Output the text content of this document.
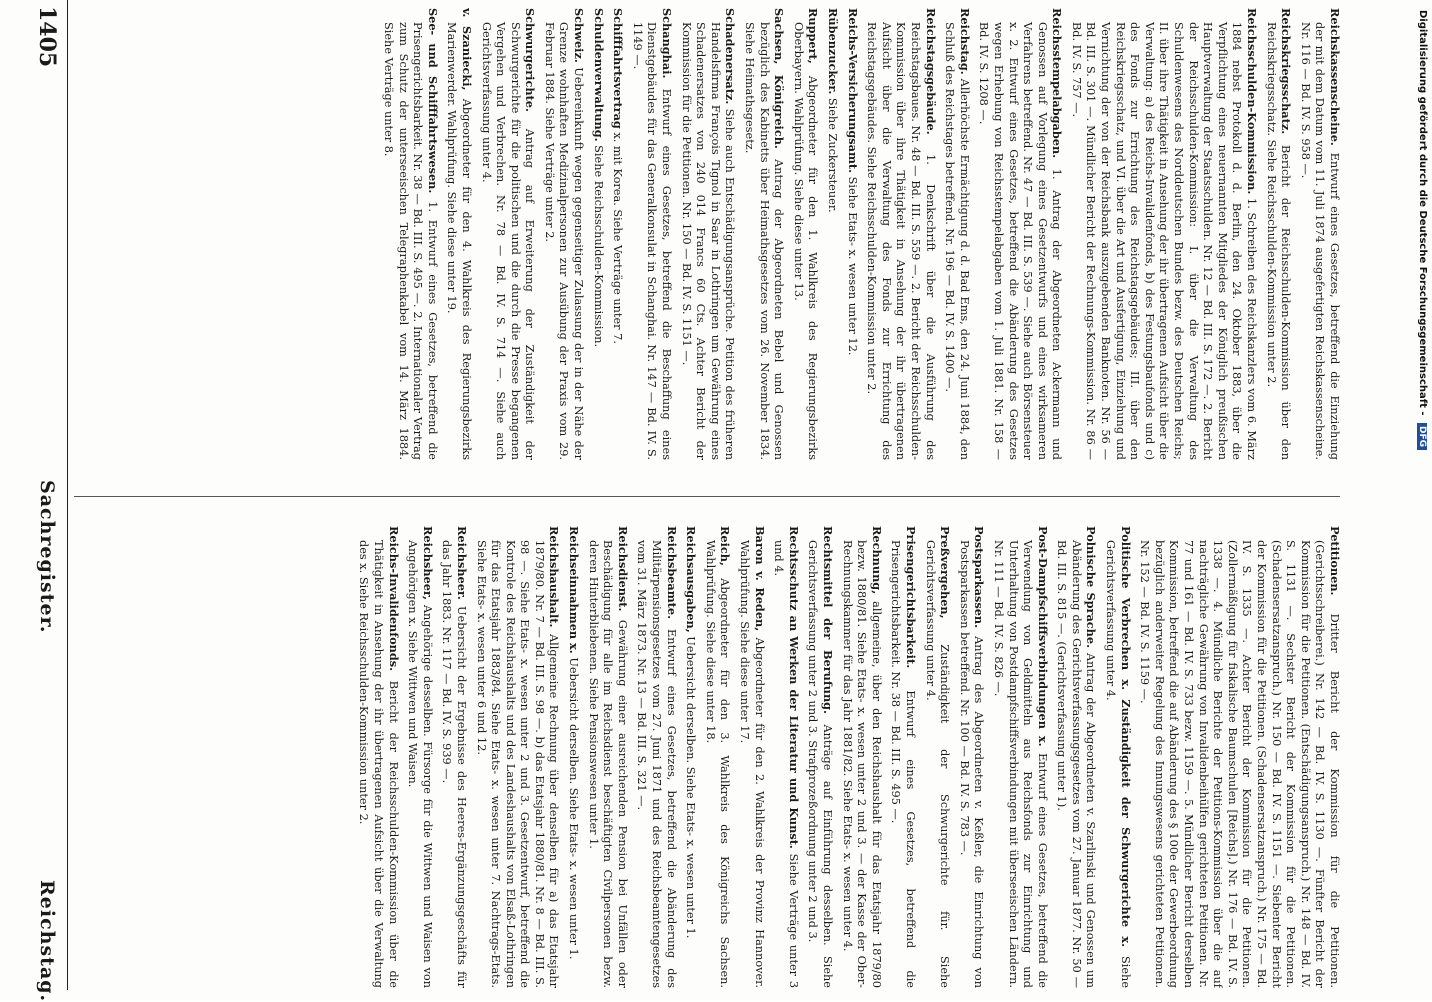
1405
Sachregister.
Reichstag.

Reichskassenscheine. Entwurf eines Gesetzes, betreffend die Einziehung der mit dem Datum vom 11. Juli 1874 ausgefertigten Reichskassenscheine. Nr. 116 — Bd. IV. S. 958 —.

Reichskriegsschatz. Bericht der Reichsschulden-Kommission über den Reichskriegsschatz. Siehe Reichsschulden-Kommission unter 2.

Reichsschulden-Kommission. 1. Schreiben des Reichskanzlers vom 6. März 1884 nebst Protokoll d. d. Berlin, den 24. Oktober 1883, über die Verpflichtung eines neuernannten Mitgliedes der Königlich preußischen Hauptverwaltung der Staatsschulden. Nr. 12 — Bd. III. S. 172 —. 2. Bericht der Reichsschulden-Kommission: I. über die Verwaltung des Schuldenwesens des Norddeutschen Bundes bezw. des Deutschen Reichs; II. über ihre Thätigkeit in Ansehung der ihr übertragenen Aufsicht über die Verwaltung: a) des Reichs-Invalidenfonds, b) des Festungsbaufonds und c) des Fonds zur Errichtung des Reichstagsgebäudes; III. über den Reichskriegsschatz, und VI. über die Art und Ausfertigung, Einziehung und Vernichtung der von der Reichsbank auszugebenden Banknoten. Nr. 56 — Bd. III. S. 301 —. Mündlicher Bericht der Rechnungs-Kommission. Nr. 86 — Bd. IV. S. 757 —.

Reichsstempelabgaben. 1. Antrag der Abgeordneten Ackermann und Genossen auf Vorlegung eines Gesetzentwurfs und eines wirksameren Verfahrens betreffend. Nr. 47 — Bd. III. S. 539 —. Siehe auch Börsensteuer x. 2. Entwurf eines Gesetzes, betreffend die Abänderung des Gesetzes wegen Erhebung von Reichsstempelabgaben vom 1. Juli 1881. Nr. 158 — Bd. IV. S. 1208 —.

Reichstag. Allerhöchste Ermächtigung d. d. Bad Ems, den 24. Juni 1884, den Schluß des Reichstages betreffend. Nr. 196 — Bd. IV. S. 1400 —.

Reichstagsgebäude. 1. Denkschrift über die Ausführung des Reichstagsbaues. Nr. 48 — Bd. III. S. 559 —. 2. Bericht der Reichsschulden-Kommission über ihre Thätigkeit in Ansehung der ihr übertragenen Aufsicht über die Verwaltung des Fonds zur Errichtung des Reichstagsgebäudes. Siehe Reichsschulden-Kommission unter 2.

Reichs-Versicherungsamt. Siehe Etats- x. wesen unter 12.

Rübenzucker. Siehe Zuckersteuer.

Ruppert, Abgeordneter für den 1. Wahlkreis des Regierungsbezirks Oberbayern. Wahlprüfung. Siehe diese unter 13.

Sachsen, Königreich. Antrag der Abgeordneten Bebel und Genossen bezüglich des Kabinetts über Heimathsgesetzes vom 26. November 1834. Siehe Heimathsgesetz.

Schadenersatz. Siehe auch Entschädigungsansprüche. Petition des früheren Handelsfirma François Tignol in Saar in Lothringen um Gewährung eines Schadenersatzes von 240 014 Francs 60 Cts. Achter Bericht der Kommission für die Petitionen. Nr. 150 — Bd. IV. S. 1151 —.

Schanghai. Entwurf eines Gesetzes, betreffend die Beschaffung eines Dienstgebäudes für das Generalkonsulat in Schanghai. Nr. 147 — Bd. IV. S. 1149 —.

Schifffahrtsvertrag x. mit Korea. Siehe Verträge unter 7.

Schuldenverwaltung. Siehe Reichsschulden-Kommission.

Schweiz. Uebereinkunft wegen gegenseitiger Zulassung der in der Nähe der Grenze wohnhaften Medizinalpersonen zur Ausübung der Praxis vom 29. Februar 1884. Siehe Verträge unter 2.

Schwurgerichte. Antrag auf Erweiterung der Zuständigkeit der Schwurgerichte für die politischen und die durch die Presse begangenen Vergehen und Verbrechen. Nr. 78 — Bd. IV. S. 714 —. Siehe auch Gerichtsverfassung unter 4.

v. Szaniecki, Abgeordneter für den 4. Wahlkreis des Regierungsbezirks Marienwerder. Wahlprüfung. Siehe diese unter 19.

See- und Schifffahrtswesen. 1. Entwurf eines Gesetzes, betreffend die Prisengerichtsbarkeit. Nr. 38 — Bd. III. S. 495 —. 2. Internationaler Vertrag zum Schutz der unterseeischen Telegraphenkabel vom 14. März 1884. Siehe Verträge unter 8.

Petitionen. Dritter Bericht der Kommission für die Petitionen. (Gerichtsschreiberei.) Nr. 142 — Bd. IV. S. 1130 —. Fünfter Bericht der Kommission für die Petitionen. (Entschädigungsanspruch.) Nr. 148 — Bd. IV. S. 1131 —. Sechster Bericht der Kommission für die Petitionen. (Schadensersatzanspruch.) Nr. 150 — Bd. IV. S. 1151 —. Siebenter Bericht der Kommission für die Petitionen. (Schadensersatzanspruch.) Nr. 175 — Bd. IV. S. 1335 —. Achter Bericht der Kommission für die Petitionen. (Zollermäßigung für fiskalische Baumschulen [Reichs].) Nr. 176 — Bd. IV. S. 1338 —. 4. Mündliche Berichte der Petitions-Kommission über die auf nachträgliche Gewährung von Invalidenbeihülfen gerichteten Petitionen. Nr. 77 und 161 — Bd. IV. S. 733 bezw. 1159 —. 5. Mündlicher Bericht derselben Kommission, betreffend die auf Abänderung des § 100e der Gewerbeordnung bezüglich anderweiter Regelung des Innungswesens gerichteten Petitionen. Nr. 152 — Bd. IV. S. 1159 —.

Politische Verbrechen x. Zuständigkeit der Schwurgerichte x. Siehe Gerichtsverfassung unter 4.

Polnische Sprache. Antrag der Abgeordneten v. Szarlinski und Genossen um Abänderung des Gerichtsverfassungsgesetzes vom 27. Januar 1877. Nr. 50 — Bd. III. S. 815 —. (Gerichtsverfassung unter 1).

Post-Dampfschiffsverbindungen x. Entwurf eines Gesetzes, betreffend die Verwendung von Geldmitteln aus Reichsfonds zur Einrichtung und Unterhaltung von Postdampfschiffsverbindungen mit überseeischen Ländern. Nr. 111 — Bd. IV. S. 826 —.

Postsparkassen. Antrag des Abgeordneten v. Keßler, die Einrichtung von Postsparkassen betreffend. Nr. 100 — Bd. IV. S. 783 —.

Preßvergehen, Zuständigkeit der Schwurgerichte für. Siehe Gerichtsverfassung unter 4.

Prisengerichtsbarkeit. Entwurf eines Gesetzes, betreffend die Prisengerichtsbarkeit. Nr. 38 — Bd. III. S. 495 —.

Rechnung, allgemeine, über den Reichshaushalt für das Etatsjahr 1879/80 bezw. 1880/81. Siehe Etats- x. wesen unter 2 und 3. — der Kasse der Ober-Rechnungskammer für das Jahr 1881/82. Siehe Etats- x. wesen unter 4.

Rechtsmittel der Berufung. Anträge auf Einführung desselben. Siehe Gerichtsverfassung unter 2 und 3. Strafprozeßordnung unter 2 und 3.

Rechtsschutz an Werken der Literatur und Kunst. Siehe Verträge unter 3 und 4.

Baron v. Reden, Abgeordneter für den 2. Wahlkreis der Provinz Hannover. Wahlprüfung. Siehe diese unter 17.

Reich, Abgeordneter für den 3. Wahlkreis des Königreichs Sachsen. Wahlprüfung. Siehe diese unter 18.

Reichsausgaben, Uebersicht derselben. Siehe Etats- x. wesen unter 1.

Reichsbeamte. Entwurf eines Gesetzes, betreffend die Abänderung des Militärpensionsgesetzes vom 27. Juni 1871 und des Reichsbeamtengesetzes vom 31. März 1873. Nr. 13 — Bd. III. S. 321 —.

Reichsdienst. Gewährung einer ausreichenden Pension bei Unfällen oder Beschädigung für alle im Reichsdienst beschäftigten Civilpersonen bezw. deren Hinterbliebenen. Siehe Pensionswesen unter 1.

Reichseinnahmen x. Uebersicht derselben. Siehe Etats- x. wesen unter 1.

Reichshaushalt. Allgemeine Rechnung über denselben für a) das Etatsjahr 1879/80. Nr. 7 — Bd. III. S. 98 —. b) das Etatsjahr 1880/81. Nr. 8 — Bd. III. S. 98 —. Siehe Etats- x. wesen unter 2 und 3. Gesetzentwurf, betreffend die Kontrole des Reichshaushalts und des Landeshaushalts von Elsaß-Lothringen für das Etatsjahr 1883/84. Siehe Etats- x. wesen unter 7. Nachtrags-Etats. Siehe Etats- x. wesen unter 6 und 12.

Reichsheer. Uebersicht der Ergebnisse des Heeres-Ergänzungsgeschäfts für das Jahr 1883. Nr. 117 — Bd. IV. S. 939 —.

Reichsheer, Angehörige desselben. Fürsorge für die Wittwen und Waisen von Angehörigen x. Siehe Wittwen und Waisen.

Reichs-Invalidenfonds. Bericht der Reichsschulden-Kommission über die Thätigkeit in Ansehung der ihr übertragenen Aufsicht über die Verwaltung des x. Siehe Reichsschulden-Kommission unter 2.

Digitalisierung gefördert durch die Deutsche Forschungsgemeinschaft - DFG
